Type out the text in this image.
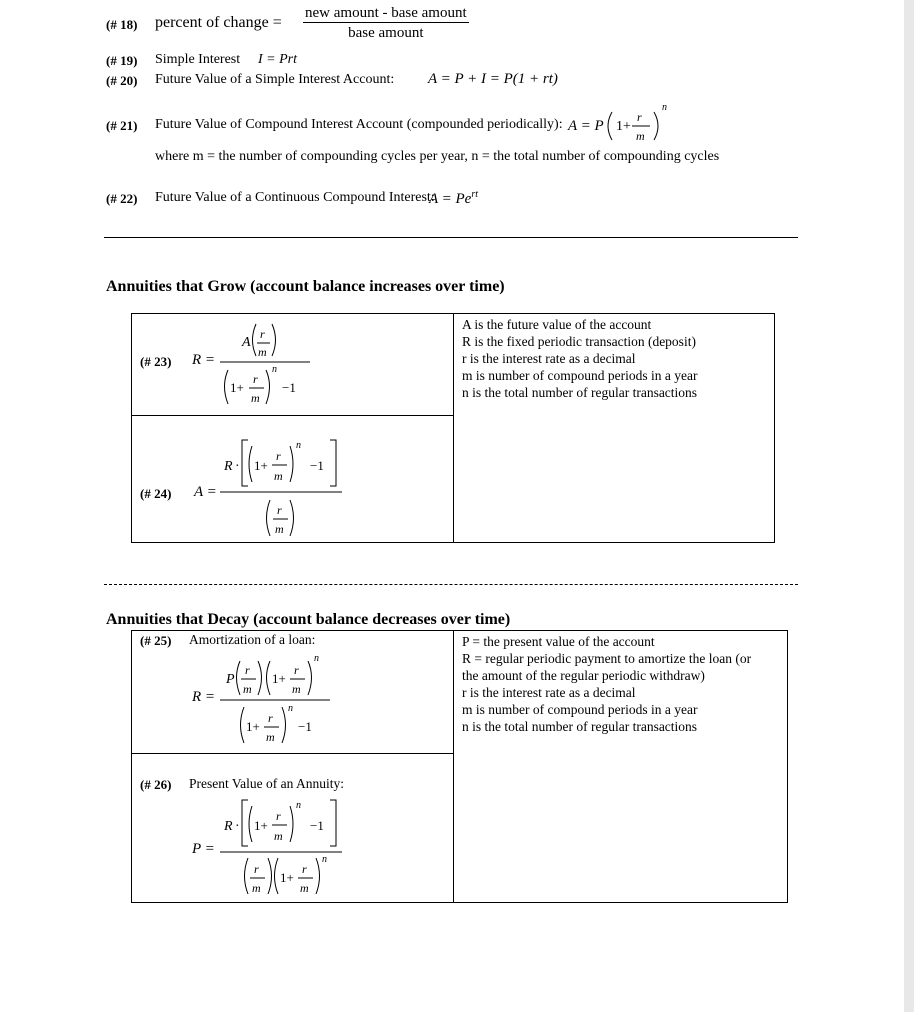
(# 18) percent of change = $\frac{\text{new amount - base amount}}{\text{base amount}}$
(# 19) Simple Interest I = Prt
(# 20) Future Value of a Simple Interest Account: A = P + I = P(1 + rt)
(# 21) Future Value of Compound Interest Account (compounded periodically): A = P 1+
r
m
n
where m = the number of compounding cycles per year, n = the total number of compounding cycles
(# 22) Future Value of a Continuous Compound Interest:
$A = Pe^{rt}$
Annuities that Grow (account balance increases over time)
(# 23) R =
A
r
m
1+
r
m
n
−1
(# 24) A =
R · 1+
r
m
n
−1
r
m
A is the future value of the account
R is the fixed periodic transaction (deposit)
r is the interest rate as a decimal
m is number of compound periods in a year
n is the total number of regular transactions
Annuities that Decay (account balance decreases over time)
(# 25) Amortization of a loan:
R =
P
r
m
1+
r
m
n
1+
r
m
n
−1
(# 26) Present Value of an Annuity:
P =
R · 1+
r
m
n
−1
r
m
1+
r
m
n
P = the present value of the account
R = regular periodic payment to amortize the loan (or
the amount of the regular periodic withdraw)
r is the interest rate as a decimal
m is number of compound periods in a year
n is the total number of regular transactions
